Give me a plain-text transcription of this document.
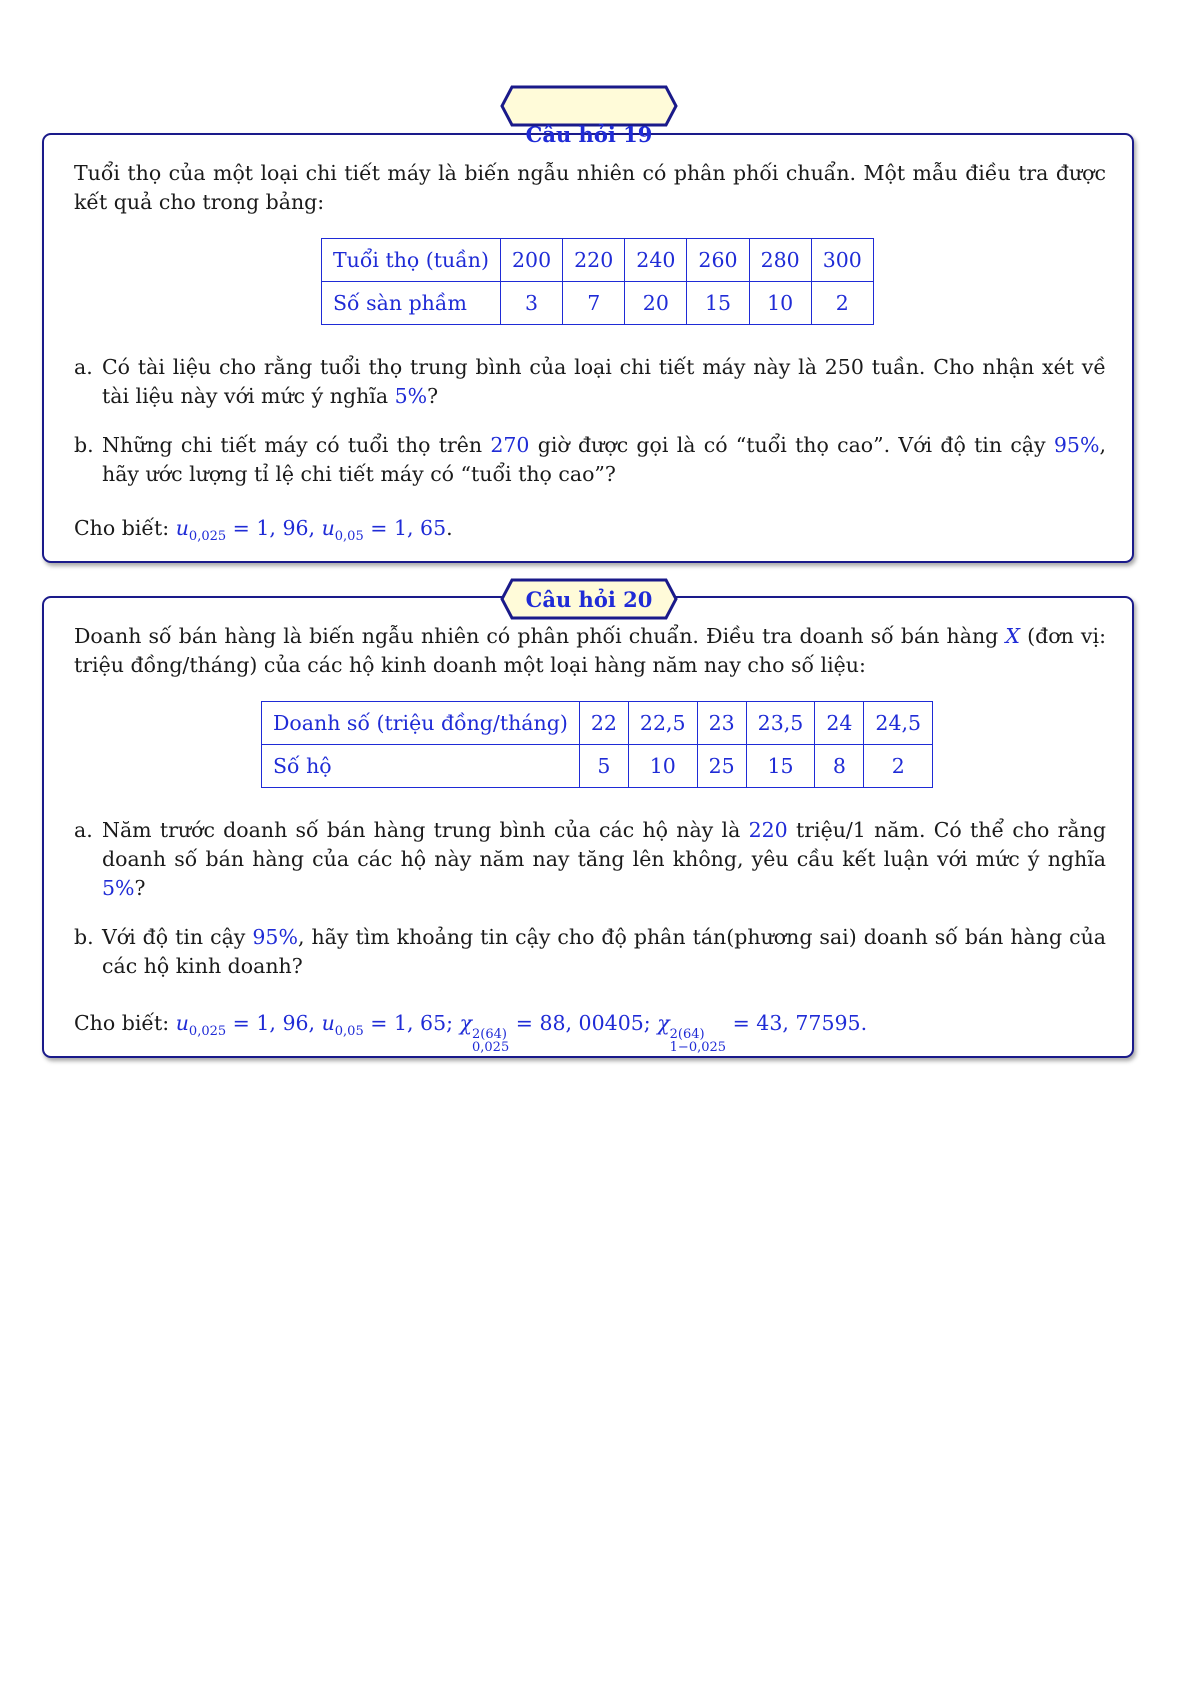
Tuổi thọ của một loại chi tiết máy là biến ngẫu nhiên có phân phối chuẩn. Một mẫu điều tra được kết quả cho trong bảng:
Tuổi thọ (tuần)	200	220	240	260	280	300
Số sàn phầm	3	7	20	15	10	2
a. Có tài liệu cho rằng tuổi thọ trung bình của loại chi tiết máy này là 250 tuần. Cho nhận xét về tài liệu này với mức ý nghĩa 5%?
b. Những chi tiết máy có tuổi thọ trên 270 giờ được gọi là có “tuổi thọ cao”. Với độ tin cậy 95%, hãy ước lượng tỉ lệ chi tiết máy có “tuổi thọ cao”?
Cho biết: $u_{0,025} = 1$, 96, $u_{0,05} = 1$, 65.
Câu hỏi 19
Doanh số bán hàng là biến ngẫu nhiên có phân phối chuẩn. Điều tra doanh số bán hàng X (đơn vị: triệu đồng/tháng) của các hộ kinh doanh một loại hàng năm nay cho số liệu:
Doanh số (triệu đồng/tháng)	22	22,5	23	23,5	24	24,5
Số hộ	5	10	25	15	8	2
a. Năm trước doanh số bán hàng trung bình của các hộ này là 220 triệu/1 năm. Có thể cho rằng doanh số bán hàng của các hộ này năm nay tăng lên không, yêu cầu kết luận với mức ý nghĩa 5%?
b. Với độ tin cậy 95%, hãy tìm khoảng tin cậy cho độ phân tán(phương sai) doanh số bán hàng của các hộ kinh doanh?
Cho biết: $u_{0,025} = 1$, 96, $u_{0,05} = 1$, 65; χ 2(64)
0,025
= 88, 00405; χ 2(64)
1−0,025
= 43, 77595.
Câu hỏi 20
